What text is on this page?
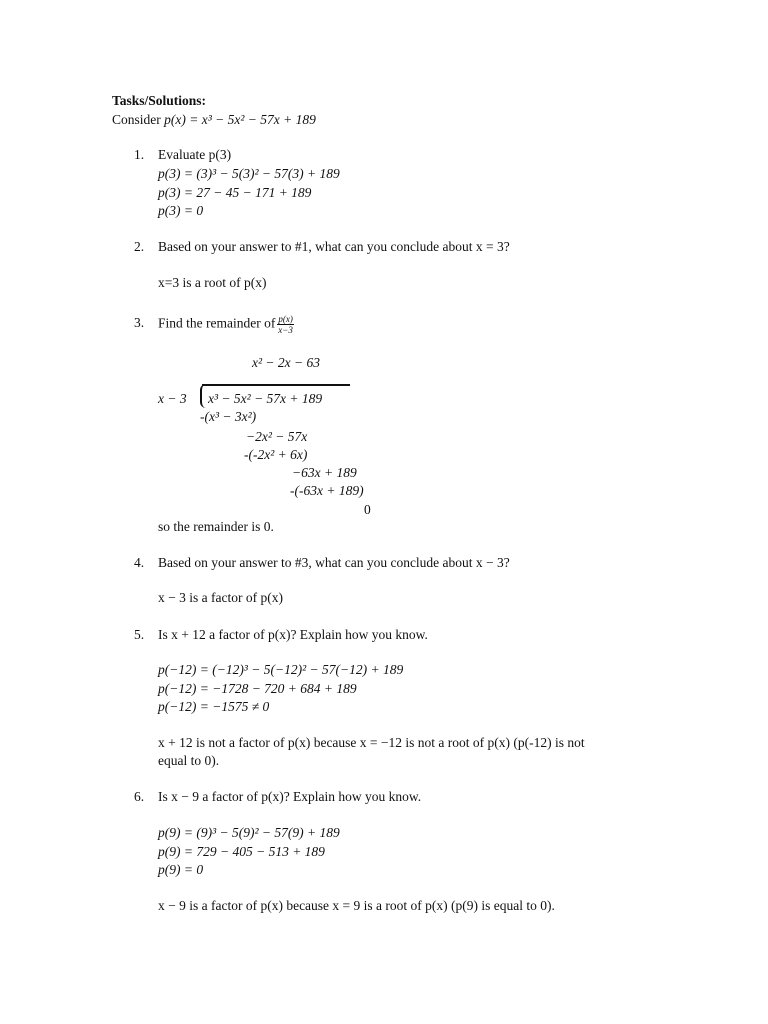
Tasks/Solutions:
Consider p(x) = x³ − 5x² − 57x + 189
1. Evaluate p(3)
p(3) = (3)³ − 5(3)² − 57(3) + 189
p(3) = 27 − 45 − 171 + 189
p(3) = 0
2. Based on your answer to #1, what can you conclude about x = 3?
x=3 is a root of p(x)
3. Find the remainder of $\frac{p(x)}{x-3}$
x² − 2x − 63
x − 3 x³ − 5x² − 57x + 189
-(x³ − 3x²)
−2x² − 57x
-(-2x² + 6x)
−63x + 189
-(-63x + 189)
0
so the remainder is 0.
4. Based on your answer to #3, what can you conclude about x − 3?
x − 3 is a factor of p(x)
5. Is x + 12 a factor of p(x)? Explain how you know.
p(−12) = (−12)³ − 5(−12)² − 57(−12) + 189
p(−12) = −1728 − 720 + 684 + 189
p(−12) = −1575 ≠ 0
x + 12 is not a factor of p(x) because x = −12 is not a root of p(x) (p(-12) is not
equal to 0).
6. Is x − 9 a factor of p(x)? Explain how you know.
p(9) = (9)³ − 5(9)² − 57(9) + 189
p(9) = 729 − 405 − 513 + 189
p(9) = 0
x − 9 is a factor of p(x) because x = 9 is a root of p(x) (p(9) is equal to 0).
